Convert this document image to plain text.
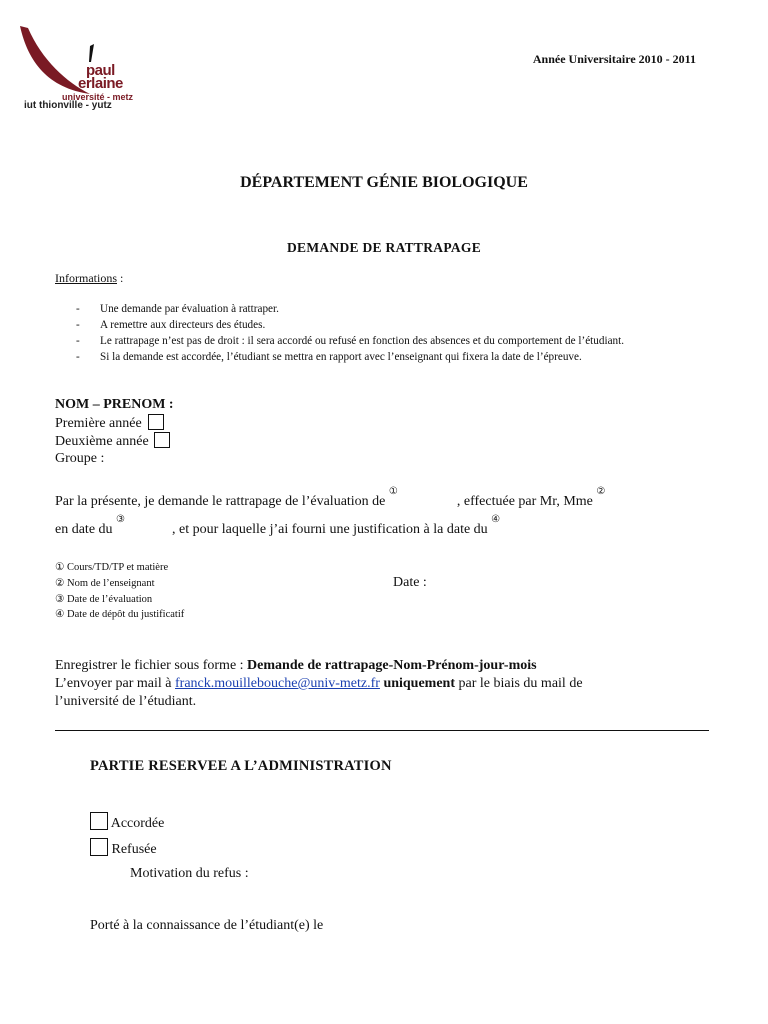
paul
erlaine
université - metz
iut thionville - yutz
Année Universitaire 2010 - 2011
DÉPARTEMENT GÉNIE BIOLOGIQUE
DEMANDE DE RATTRAPAGE
Informations :
- Une demande par évaluation à rattraper.
- A remettre aux directeurs des études.
- Le rattrapage n’est pas de droit : il sera accordé ou refusé en fonction des absences et du comportement de l’étudiant.
- Si la demande est accordée, l’étudiant se mettra en rapport avec l’enseignant qui fixera la date de l’épreuve.
NOM – PRENOM :
Première année
Deuxième année
Groupe :
Par la présente, je demande le rattrapage de l’évaluation de ①  , effectuée par Mr, Mme ②
en date du ③  , et pour laquelle j’ai fourni une justification à la date du ④
① Cours/TD/TP et matière
② Nom de l’enseignant
③ Date de l’évaluation
④ Date de dépôt du justificatif
Date :
Enregistrer le fichier sous forme : Demande de rattrapage-Nom-Prénom-jour-mois
L’envoyer par mail à franck.mouillebouche@univ-metz.fr uniquement par le biais du mail de
l’université de l’étudiant.
PARTIE RESERVEE A L’ADMINISTRATION
Accordée
Refusée
Motivation du refus :
Porté à la connaissance de l’étudiant(e) le
